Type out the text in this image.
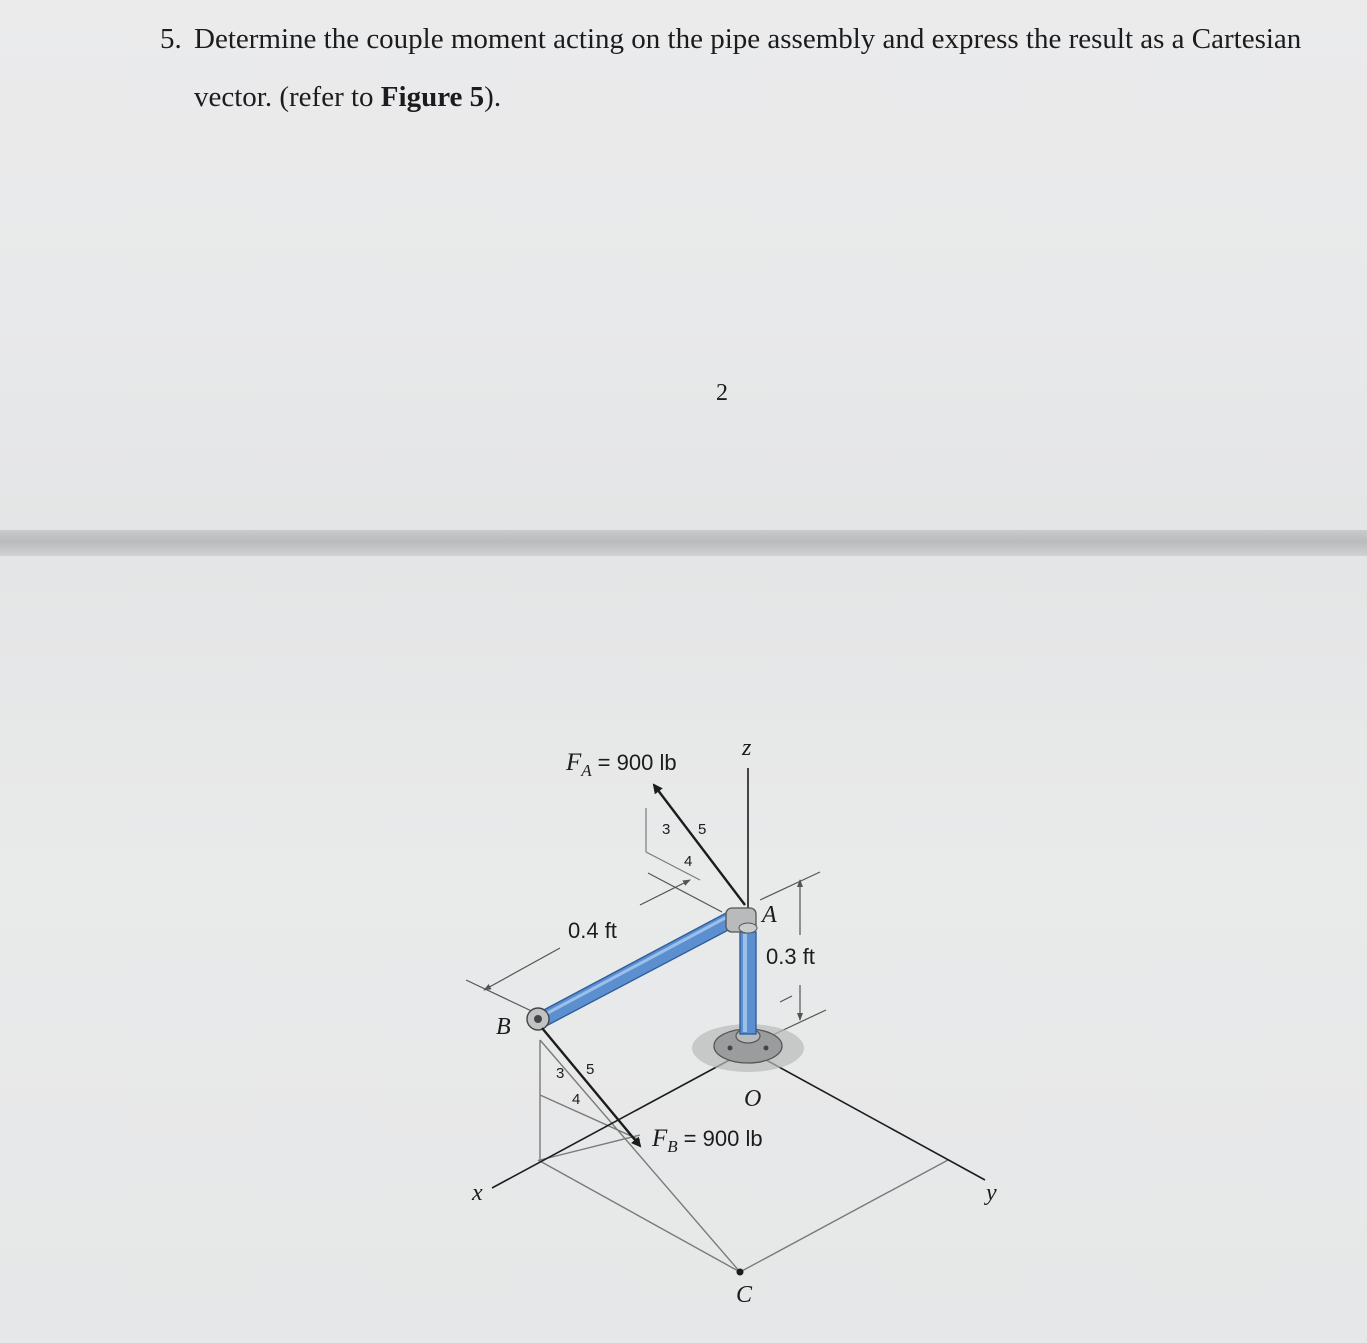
5. Determine the couple moment acting on the pipe assembly and express the result as a Cartesian vector. (refer to Figure 5).
2
x	y
z
0.4 ft
0.3 ft
3 5
4
$F_A = 900$ lb
3 5
4
$F_B = 900$ lb
A
B
O
C
